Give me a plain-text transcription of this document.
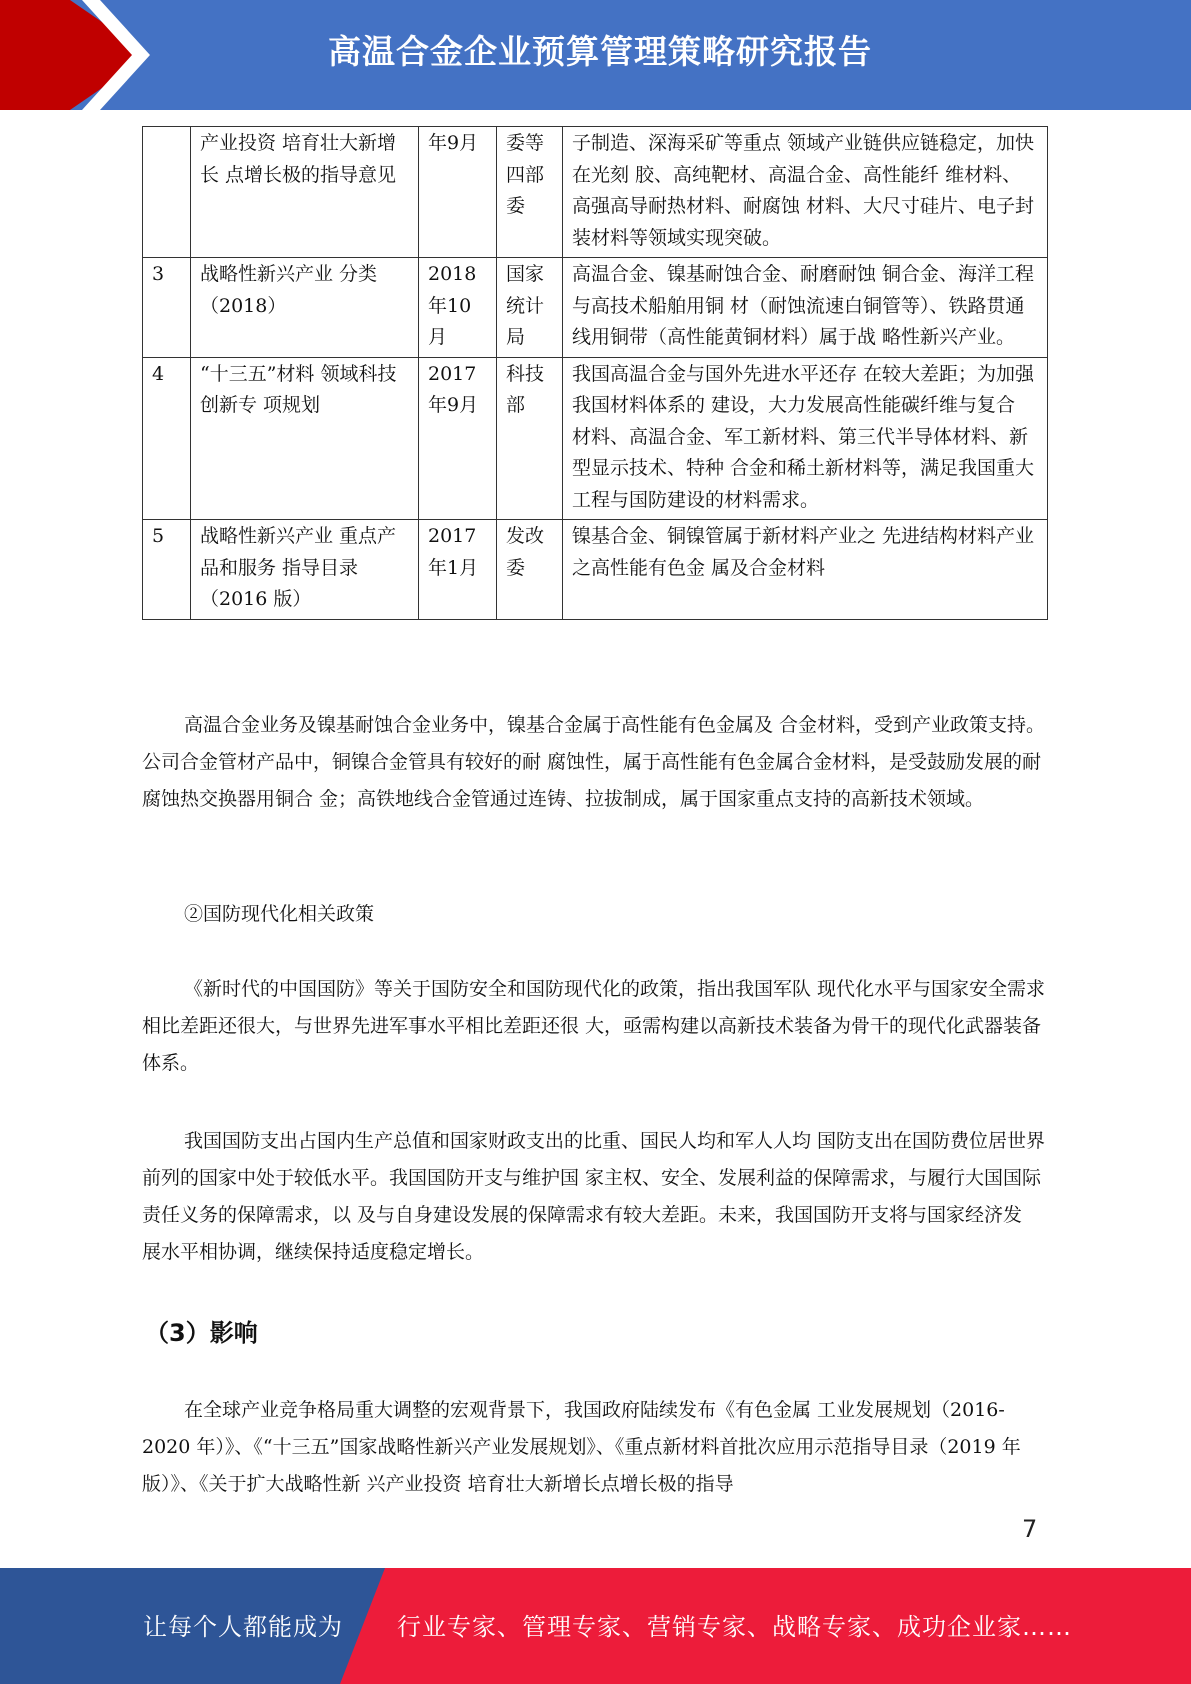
高温合金企业预算管理策略研究报告
	产业投资 培育壮大新增长 点增长极的指导意见	年9月	委等四部委	子制造、深海采矿等重点 领域产业链供应链稳定，加快在光刻 胶、高纯靶材、高温合金、高性能纤 维材料、高强高导耐热材料、耐腐蚀 材料、大尺寸硅片、电子封装材料等领域实现突破。
3	战略性新兴产业 分类（2018）	2018年10月	国家统计局	高温合金、镍基耐蚀合金、耐磨耐蚀 铜合金、海洋工程与高技术船舶用铜 材（耐蚀流速白铜管等）、铁路贯通 线用铜带（高性能黄铜材料）属于战 略性新兴产业。
4	“十三五”材料 领域科技创新专 项规划	2017年9月	科技部	我国高温合金与国外先进水平还存 在较大差距；为加强我国材料体系的 建设，大力发展高性能碳纤维与复合 材料、高温合金、军工新材料、第三代半导体材料、新型显示技术、特种 合金和稀土新材料等，满足我国重大 工程与国防建设的材料需求。
5	战略性新兴产业 重点产品和服务 指导目录（2016 版）	2017年1月	发改委	镍基合金、铜镍管属于新材料产业之 先进结构材料产业之高性能有色金 属及合金材料

高温合金业务及镍基耐蚀合金业务中，镍基合金属于高性能有色金属及 合金材料，受到产业政策支持。公司合金管材产品中，铜镍合金管具有较好的耐 腐蚀性，属于高性能有色金属合金材料，是受鼓励发展的耐腐蚀热交换器用铜合 金；高铁地线合金管通过连铸、拉拔制成，属于国家重点支持的高新技术领域。

②国防现代化相关政策

《新时代的中国国防》等关于国防安全和国防现代化的政策，指出我国军队 现代化水平与国家安全需求相比差距还很大，与世界先进军事水平相比差距还很 大，亟需构建以高新技术装备为骨干的现代化武器装备体系。

我国国防支出占国内生产总值和国家财政支出的比重、国民人均和军人人均 国防支出在国防费位居世界前列的国家中处于较低水平。我国国防开支与维护国 家主权、安全、发展利益的保障需求，与履行大国国际责任义务的保障需求，以 及与自身建设发展的保障需求有较大差距。未来，我国国防开支将与国家经济发 展水平相协调，继续保持适度稳定增长。

（3）影响

在全球产业竞争格局重大调整的宏观背景下，我国政府陆续发布《有色金属 工业发展规划（2016-2020 年）》、《“十三五”国家战略性新兴产业发展规划》、《重点新材料首批次应用示范指导目录（2019 年版）》、《关于扩大战略性新 兴产业投资 培育壮大新增长点增长极的指导

7
让每个人都能成为 行业专家、管理专家、营销专家、战略专家、成功企业家……
